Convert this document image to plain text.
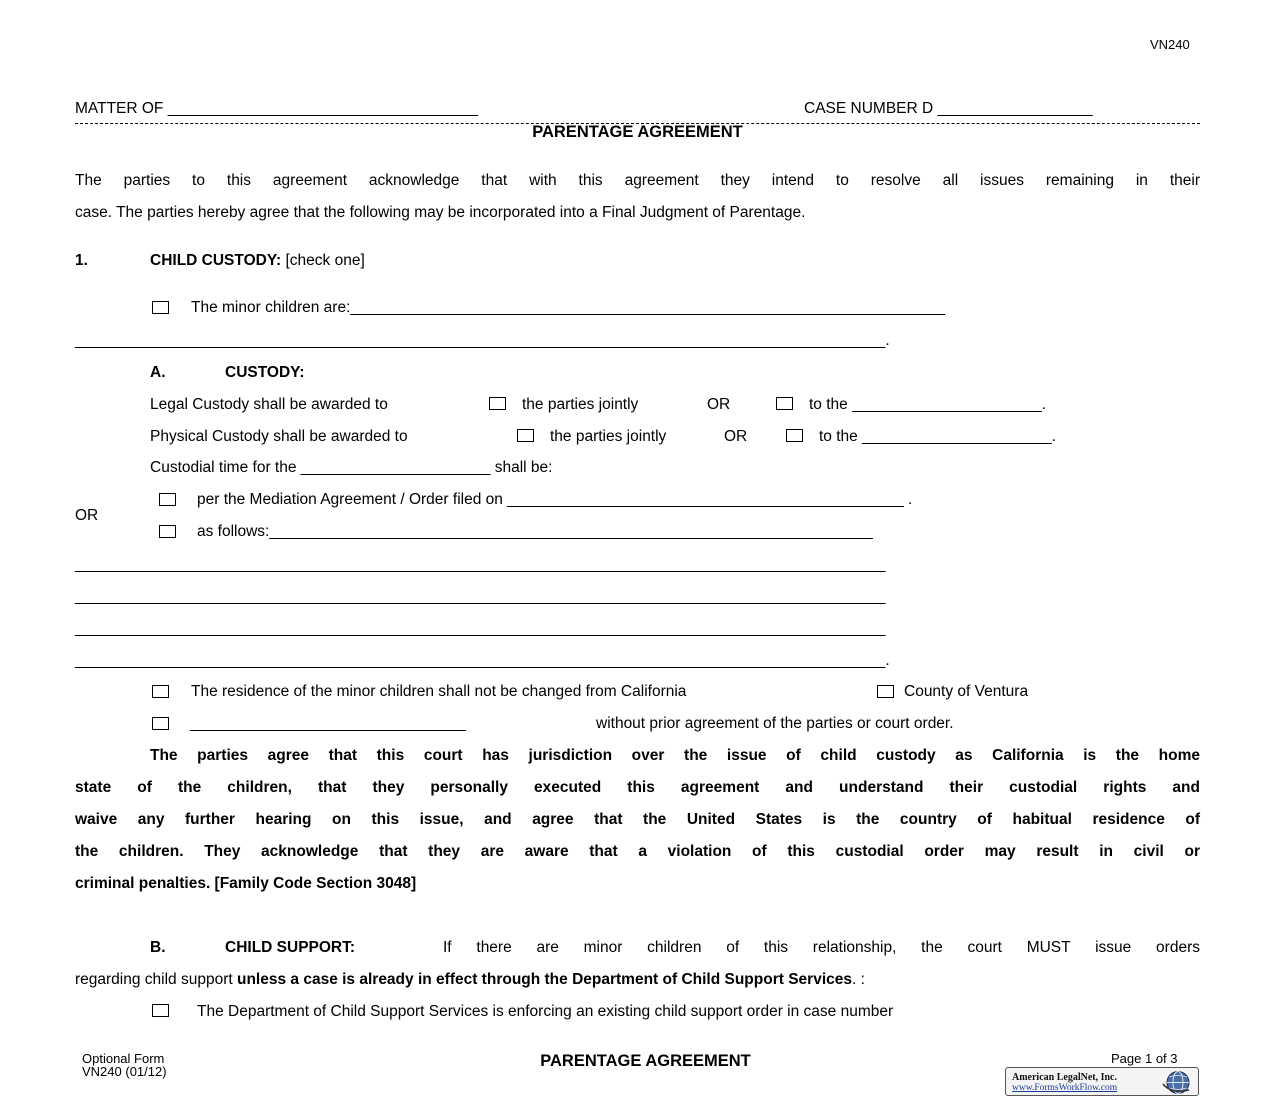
VN240
MATTER OF ____________________________________	CASE NUMBER D __________________
PARENTAGE AGREEMENT
The parties to this agreement acknowledge that with this agreement they intend to resolve all issues remaining in their
case. The parties hereby agree that the following may be incorporated into a Final Judgment of Parentage.
1.	CHILD CUSTODY: [check one]
The minor children are:_____________________________________________________________________
______________________________________________________________________________________________.
A.	CUSTODY:
Legal Custody shall be awarded to	the parties jointly	OR	to the ______________________.
Physical Custody shall be awarded to	the parties jointly	OR	to the ______________________.
Custodial time for the ______________________ shall be:
per the Mediation Agreement / Order filed on ______________________________________________ .
OR
as follows:______________________________________________________________________
______________________________________________________________________________________________
______________________________________________________________________________________________
______________________________________________________________________________________________
______________________________________________________________________________________________.
The residence of the minor children shall not be changed from California	County of Ventura
________________________________	without prior agreement of the parties or court order.
The parties agree that this court has jurisdiction over the issue of child custody as California is the home
state of the children, that they personally executed this agreement and understand their custodial rights and
waive any further hearing on this issue, and agree that the United States is the country of habitual residence of
the children. They acknowledge that they are aware that a violation of this custodial order may result in civil or
criminal penalties. [Family Code Section 3048]
B.	CHILD SUPPORT:	If there are minor children of this relationship, the court MUST issue orders
regarding child support unless a case is already in effect through the Department of Child Support Services. :
The Department of Child Support Services is enforcing an existing child support order in case number
Optional Form
VN240 (01/12)
PARENTAGE AGREEMENT	Page 1 of 3
American LegalNet, Inc.
www.FormsWorkFlow.com
